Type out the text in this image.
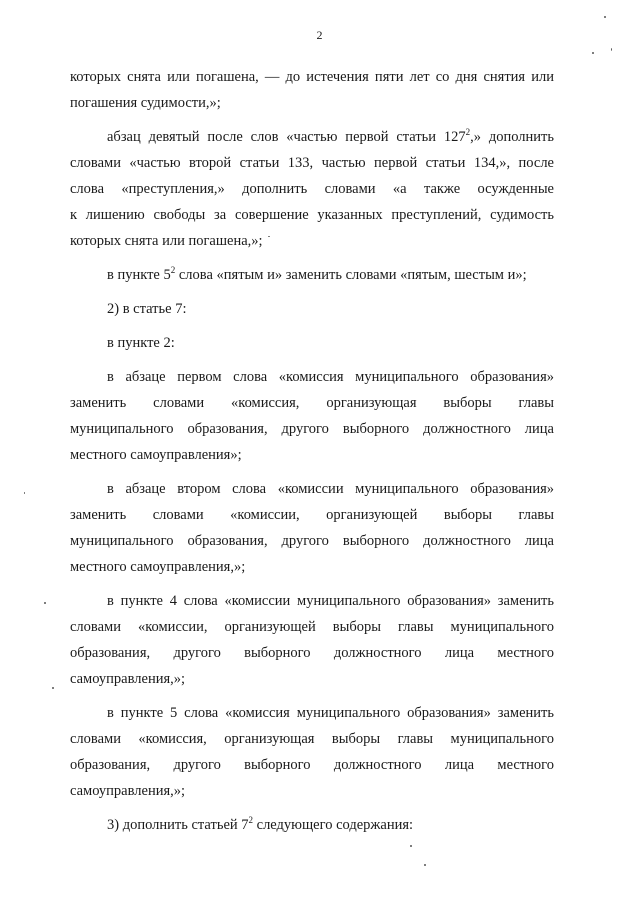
2
которых снята или погашена, — до истечения пяти лет со дня снятия или
погашения судимости,»;
абзац девятый после слов «частью первой статьи $127^2$,» дополнить
словами «частью второй статьи 133, частью первой статьи 134,», после
слова «преступления,» дополнить словами «а также осужденные
к лишению свободы за совершение указанных преступлений, судимость
которых снята или погашена,»;
в пункте $5^2$ слова «пятым и» заменить словами «пятым, шестым и»;
2) в статье 7:
в пункте 2:
в абзаце первом слова «комиссия муниципального образования»
заменить словами «комиссия, организующая выборы главы
муниципального образования, другого выборного должностного лица
местного самоуправления»;
в абзаце втором слова «комиссии муниципального образования»
заменить словами «комиссии, организующей выборы главы
муниципального образования, другого выборного должностного лица
местного самоуправления,»;
в пункте 4 слова «комиссии муниципального образования» заменить
словами «комиссии, организующей выборы главы муниципального
образования, другого выборного должностного лица местного
самоуправления,»;
в пункте 5 слова «комиссия муниципального образования» заменить
словами «комиссия, организующая выборы главы муниципального
образования, другого выборного должностного лица местного
самоуправления,»;
3) дополнить статьей $7^2$ следующего содержания:
